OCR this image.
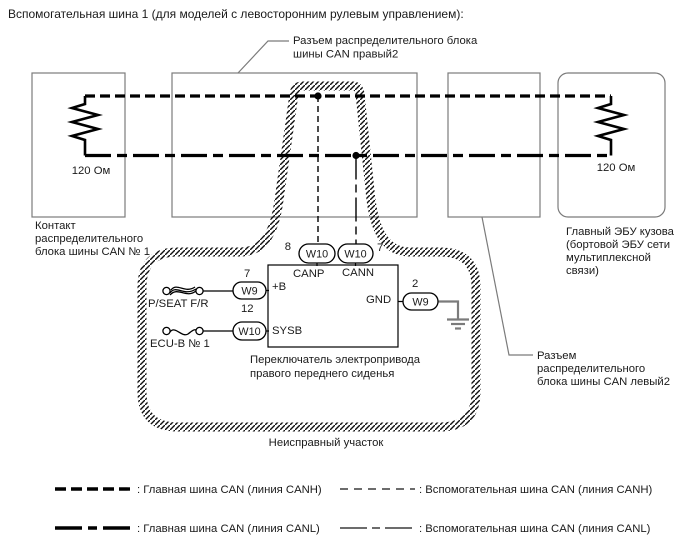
Вспомогательная шина 1 (для моделей с левосторонним рулевым управлением):
W10 W10
W9
W10
W9
8	7
7
12
2
CANP CANN
+B
SYSB
GND
P/SEAT F/R
ECU-B № 1
120 Ом	120 Ом
Разъем распределительного блока
шины CAN правый2
Контакт
распределительного
блока шины CAN № 1
Главный ЭБУ кузова
(бортовой ЭБУ сети
мультиплексной
связи)
Разъем
распределительного
блока шины CAN левый2
Переключатель электропривода
правого переднего сиденья
Неисправный участок
: Главная шина CAN (линия CANH)
: Главная шина CAN (линия CANL)
: Вспомогательная шина CAN (линия CANH)
: Вспомогательная шина CAN (линия CANL)
